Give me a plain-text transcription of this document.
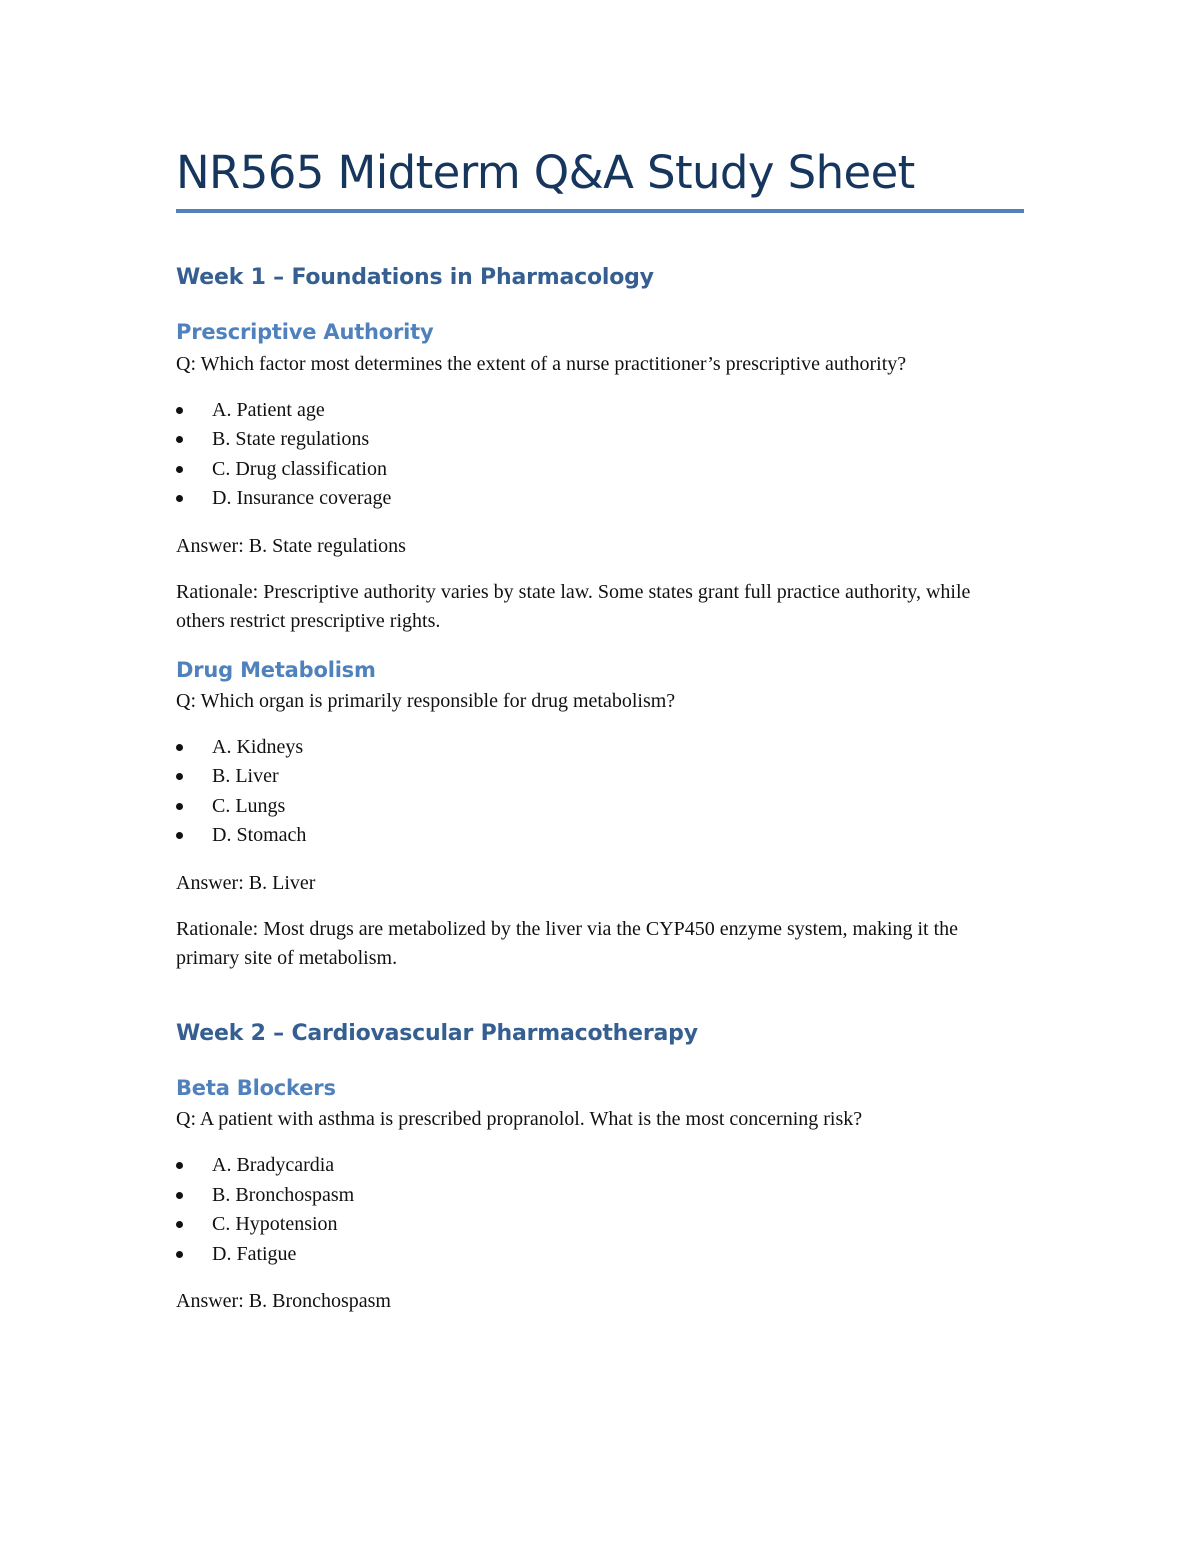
NR565 Midterm Q&A Study Sheet
Week 1 – Foundations in Pharmacology
Prescriptive Authority

Q: Which factor most determines the extent of a nurse practitioner’s prescriptive authority?

A. Patient age
B. State regulations
C. Drug classification
D. Insurance coverage

Answer: B. State regulations

Rationale: Prescriptive authority varies by state law. Some states grant full practice authority, while others restrict prescriptive rights.

Drug Metabolism

Q: Which organ is primarily responsible for drug metabolism?

A. Kidneys
B. Liver
C. Lungs
D. Stomach

Answer: B. Liver

Rationale: Most drugs are metabolized by the liver via the CYP450 enzyme system, making it the primary site of metabolism.

Week 2 – Cardiovascular Pharmacotherapy
Beta Blockers

Q: A patient with asthma is prescribed propranolol. What is the most concerning risk?

A. Bradycardia
B. Bronchospasm
C. Hypotension
D. Fatigue

Answer: B. Bronchospasm
